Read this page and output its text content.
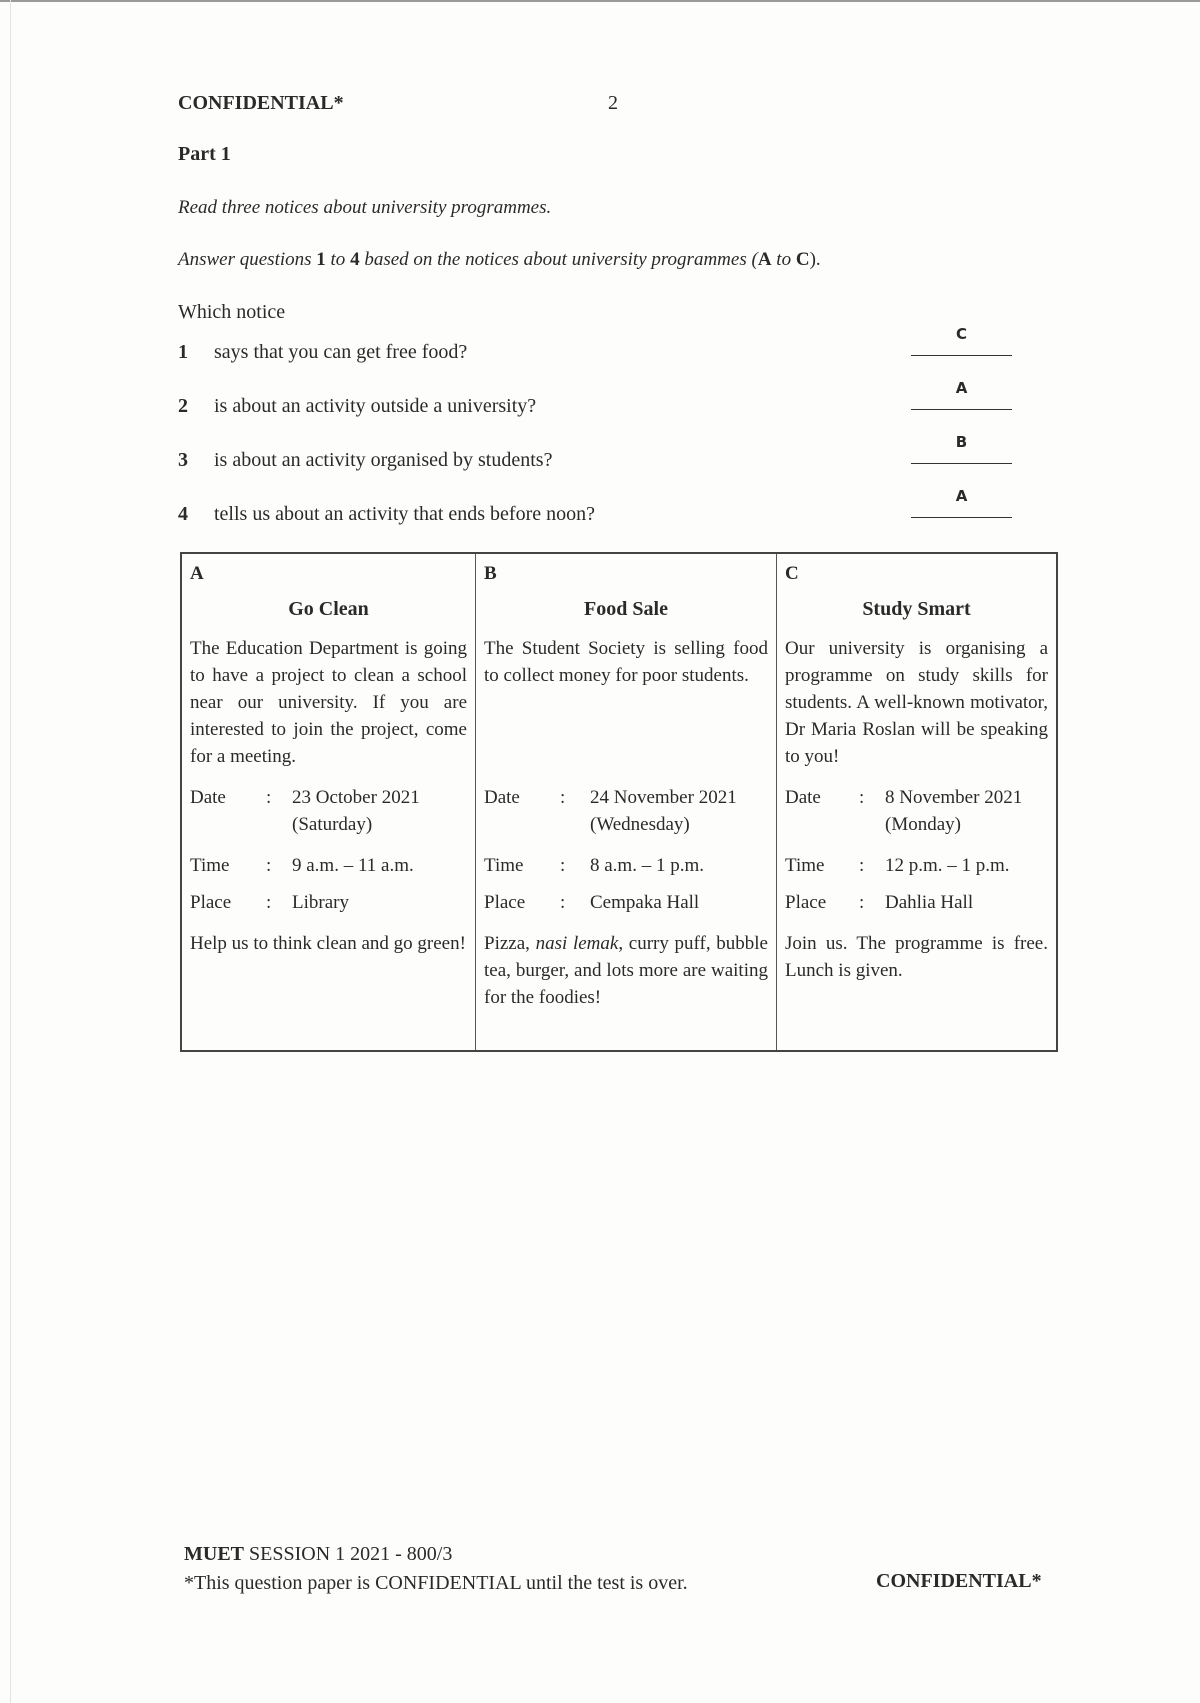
CONFIDENTIAL*	2
Part 1
Read three notices about university programmes.
Answer questions 1 to 4 based on the notices about university programmes (A to C).
Which notice
1 says that you can get free food?
C
2 is about an activity outside a university?
A
3 is about an activity organised by students?
B
4 tells us about an activity that ends before noon?
A
A
Go Clean
The Education Department is going to have a project to clean a school near our university. If you are interested to join the project, come for a meeting.
Date : 23 October 2021
(Saturday)
Time : 9 a.m. – 11 a.m.
Place : Library
Help us to think clean and go green!

B
Food Sale
The Student Society is selling food to collect money for poor students.
Date : 24 November 2021
(Wednesday)
Time : 8 a.m. – 1 p.m.
Place : Cempaka Hall
Pizza, nasi lemak, curry puff, bubble tea, burger, and lots more are waiting for the foodies!

C
Study Smart
Our university is organising a programme on study skills for students. A well-known motivator, Dr Maria Roslan will be speaking to you!
Date : 8 November 2021
(Monday)
Time : 12 p.m. – 1 p.m.
Place : Dahlia Hall
Join us. The programme is free. Lunch is given.
MUET SESSION 1 2021 - 800/3
*This question paper is CONFIDENTIAL until the test is over.	CONFIDENTIAL*
